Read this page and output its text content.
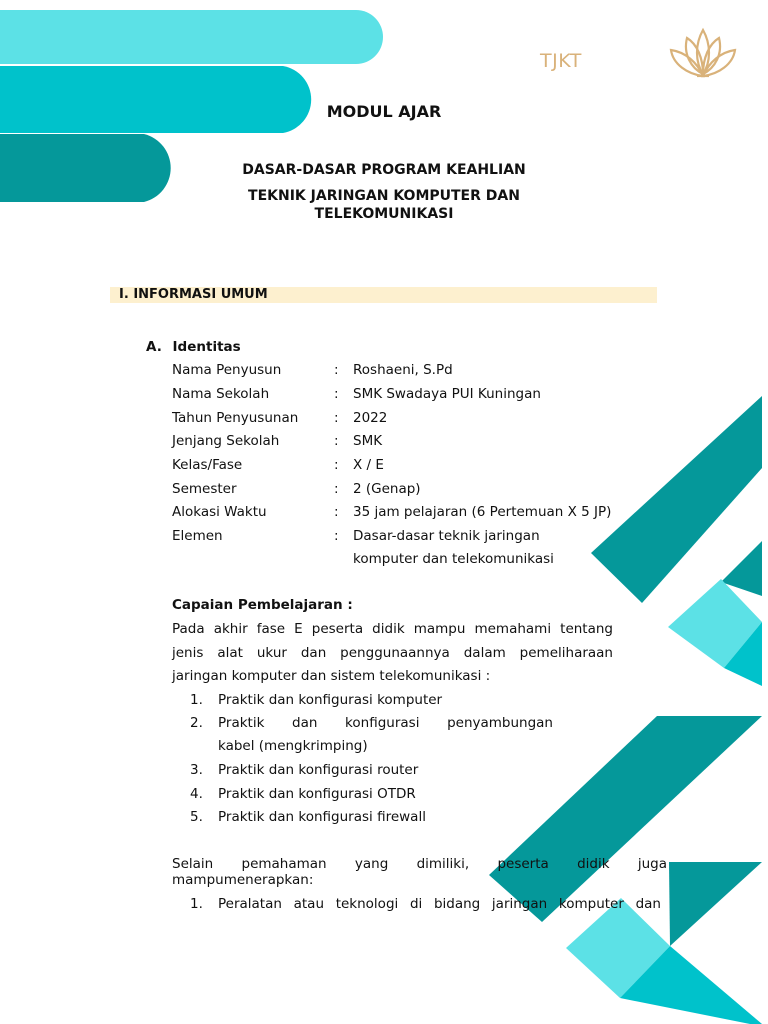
TJKT
MODUL AJAR
DASAR-DASAR PROGRAM KEAHLIAN
TEKNIK JARINGAN KOMPUTER DAN
TELEKOMUNIKASI
I. INFORMASI UMUM
A. Identitas
Nama Penyusun	: Roshaeni, S.Pd
Nama Sekolah	: SMK Swadaya PUI Kuningan
Tahun Penyusunan	: 2022
Jenjang Sekolah	: SMK
Kelas/Fase	: X / E
Semester	: 2 (Genap)
Alokasi Waktu	: 35 jam pelajaran (6 Pertemuan X 5 JP)
Elemen	: Dasar-dasar teknik jaringan
komputer dan telekomunikasi
Capaian Pembelajaran :
Pada akhir fase E peserta didik mampu memahami tentang
jenis alat ukur dan penggunaannya dalam pemeliharaan
jaringan komputer dan sistem telekomunikasi :
1. Praktik dan konfigurasi komputer
2. Praktik dan konfigurasi penyambungan
kabel (mengkrimping)
3. Praktik dan konfigurasi router
4. Praktik dan konfigurasi OTDR
5. Praktik dan konfigurasi firewall
Selain pemahaman yang dimiliki, peserta didik juga
mampumenerapkan:
1. Peralatan atau teknologi di bidang jaringan komputer dan
